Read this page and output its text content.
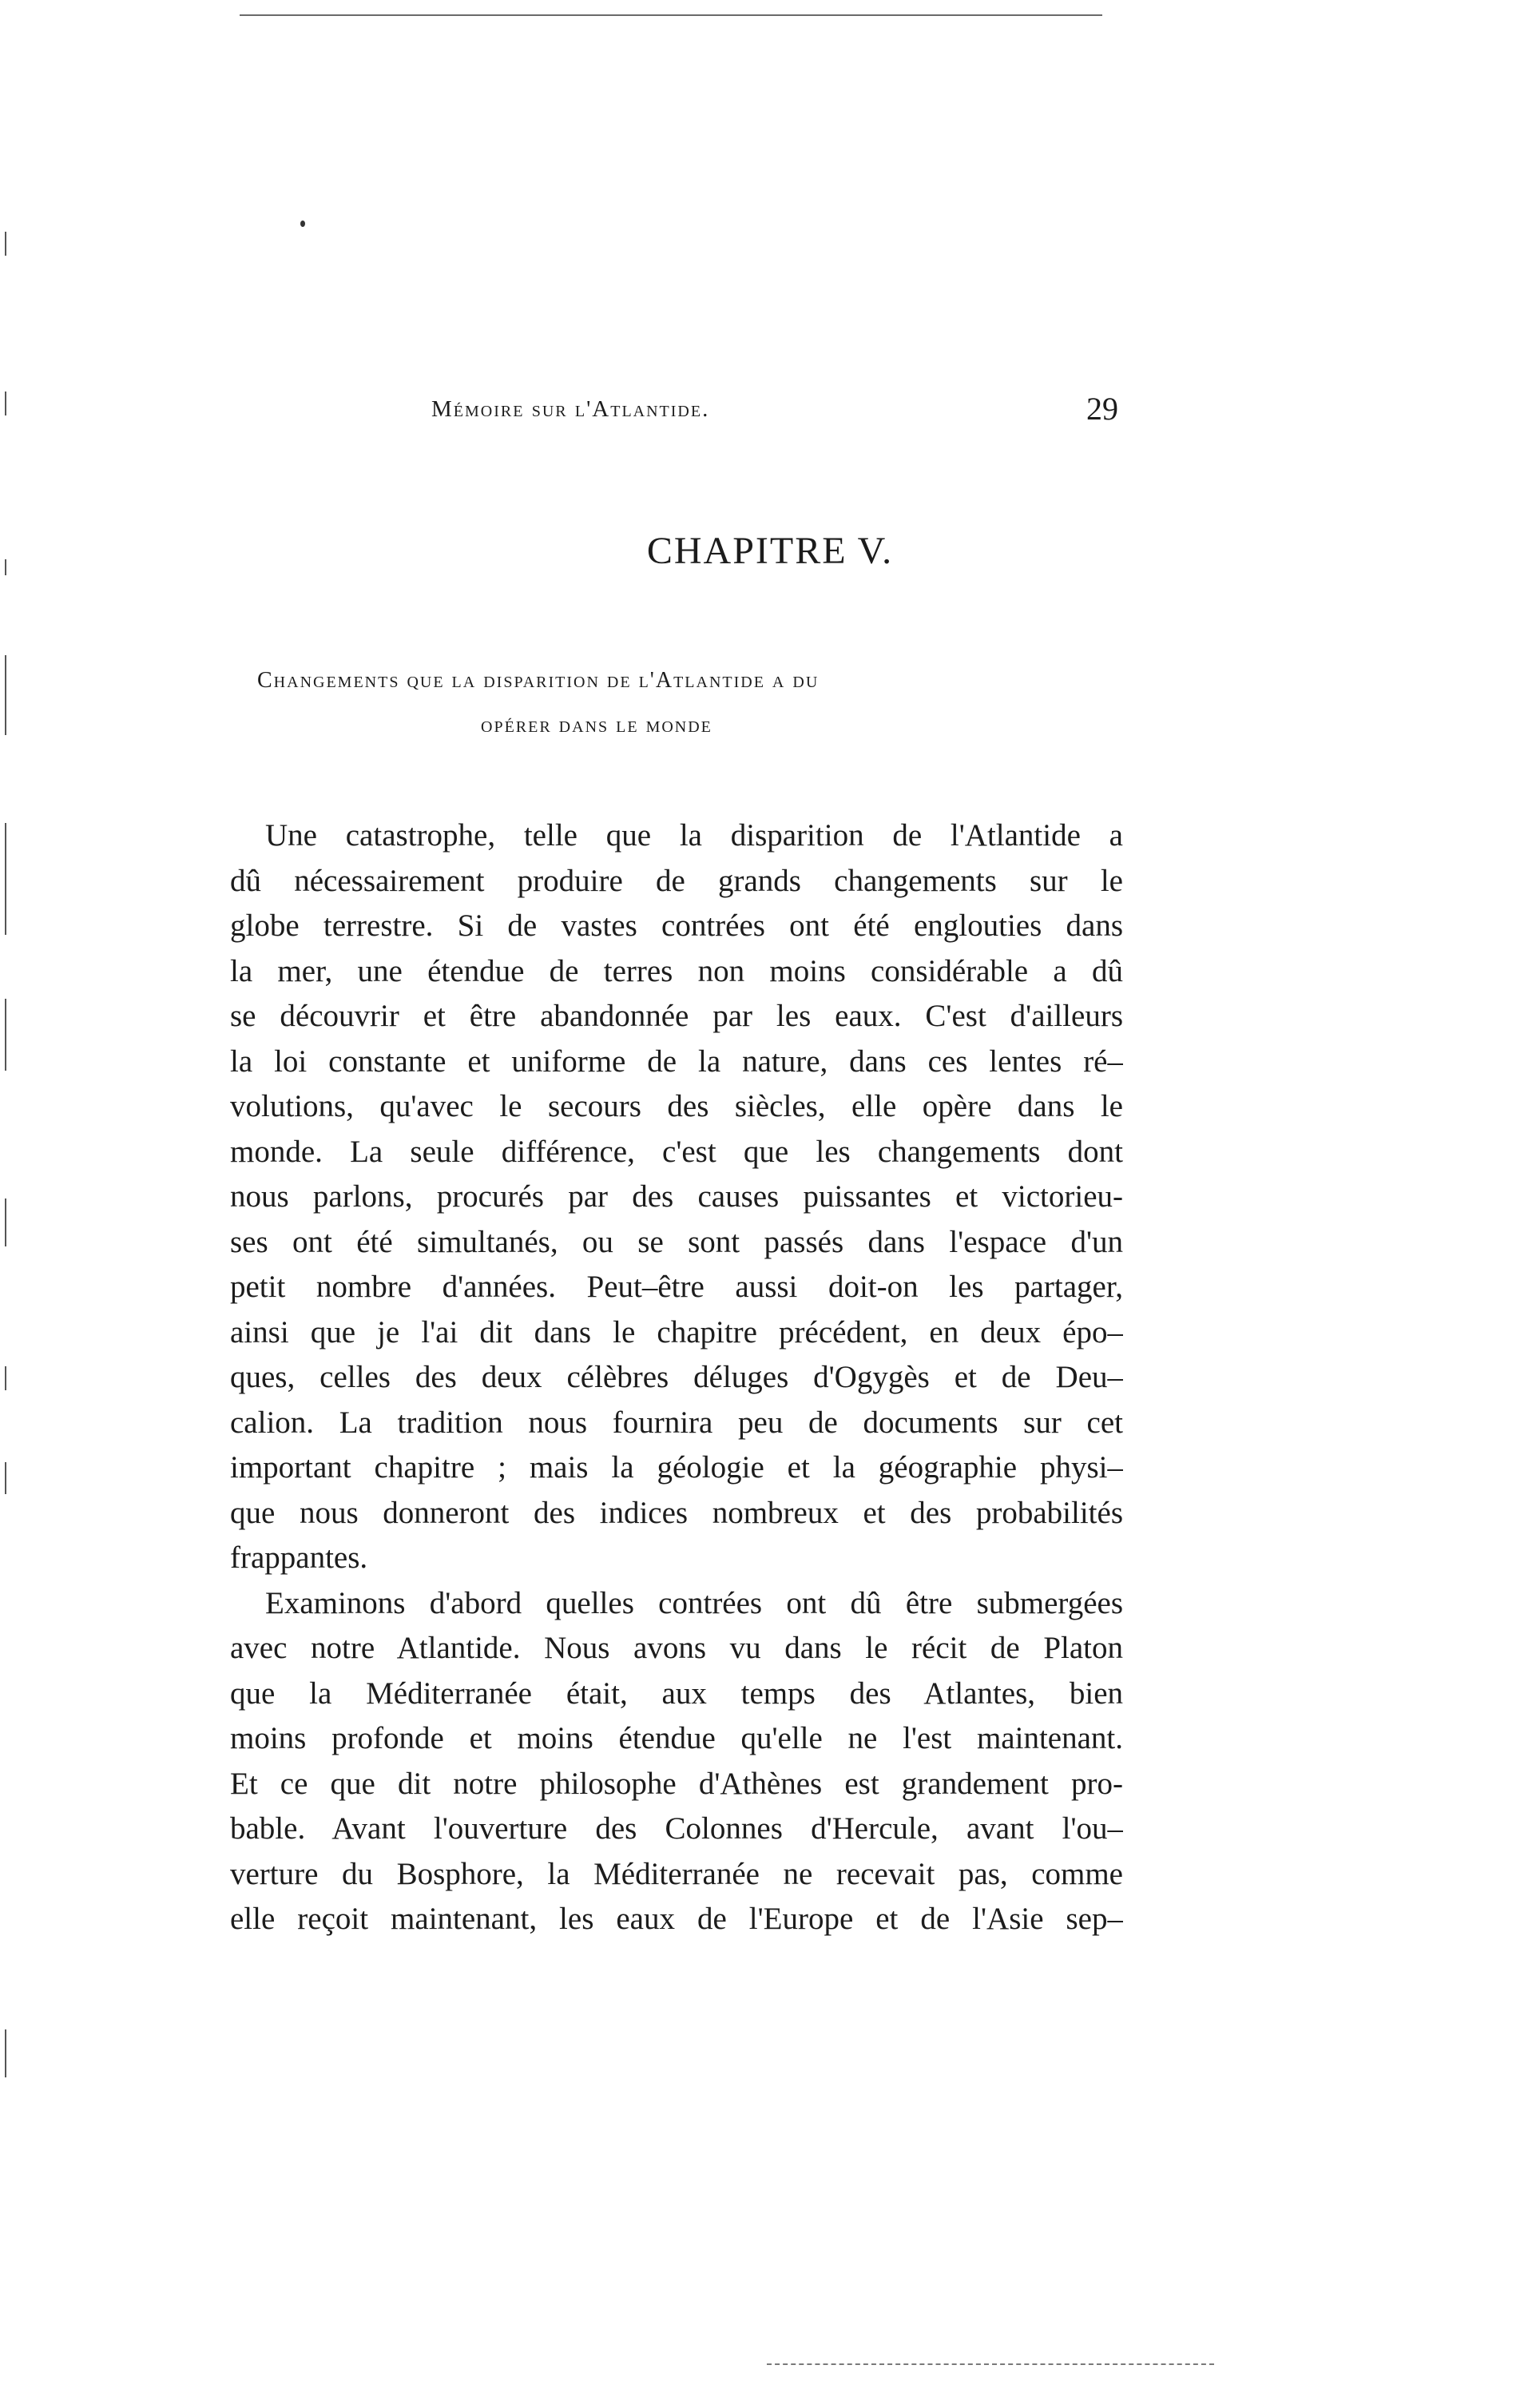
Mémoire sur l'Atlantide.	29
CHAPITRE V.
Changements que la disparition de l'Atlantide a du
opérer dans le monde
Une catastrophe, telle que la disparition de l'Atlantide a
dû nécessairement produire de grands changements sur le
globe terrestre. Si de vastes contrées ont été englouties dans
la mer, une étendue de terres non moins considérable a dû
se découvrir et être abandonnée par les eaux. C'est d'ailleurs
la loi constante et uniforme de la nature, dans ces lentes ré–
volutions, qu'avec le secours des siècles, elle opère dans le
monde. La seule différence, c'est que les changements dont
nous parlons, procurés par des causes puissantes et victorieu-
ses ont été simultanés, ou se sont passés dans l'espace d'un
petit nombre d'années. Peut–être aussi doit-on les partager,
ainsi que je l'ai dit dans le chapitre précédent, en deux épo–
ques, celles des deux célèbres déluges d'Ogygès et de Deu–
calion. La tradition nous fournira peu de documents sur cet
important chapitre ; mais la géologie et la géographie physi–
que nous donneront des indices nombreux et des probabilités
frappantes.
Examinons d'abord quelles contrées ont dû être submergées
avec notre Atlantide. Nous avons vu dans le récit de Platon
que la Méditerranée était, aux temps des Atlantes, bien
moins profonde et moins étendue qu'elle ne l'est maintenant.
Et ce que dit notre philosophe d'Athènes est grandement pro-
bable. Avant l'ouverture des Colonnes d'Hercule, avant l'ou–
verture du Bosphore, la Méditerranée ne recevait pas, comme
elle reçoit maintenant, les eaux de l'Europe et de l'Asie sep–
